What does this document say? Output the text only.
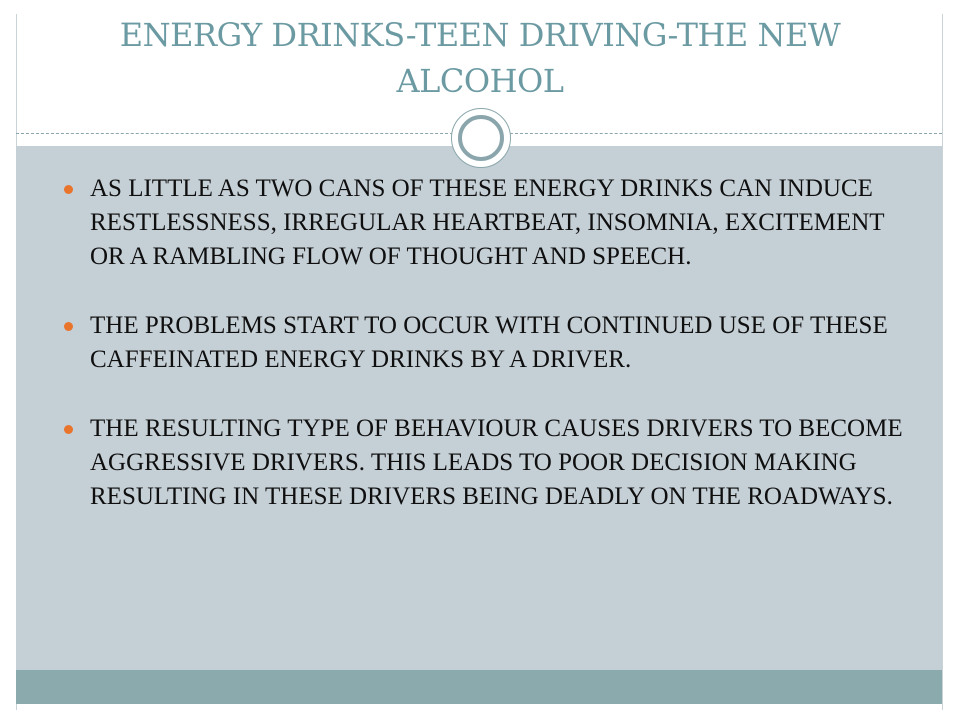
ENERGY DRINKS-TEEN DRIVING-THE NEW ALCOHOL
AS LITTLE AS TWO CANS OF THESE ENERGY DRINKS CAN INDUCE RESTLESSNESS, IRREGULAR HEARTBEAT, INSOMNIA, EXCITEMENT OR A RAMBLING FLOW OF THOUGHT AND SPEECH.
THE PROBLEMS START TO OCCUR WITH CONTINUED USE OF THESE CAFFEINATED ENERGY DRINKS BY A DRIVER.
THE RESULTING TYPE OF BEHAVIOUR CAUSES DRIVERS TO BECOME AGGRESSIVE DRIVERS. THIS LEADS TO POOR DECISION MAKING RESULTING IN THESE DRIVERS BEING DEADLY ON THE ROADWAYS.
